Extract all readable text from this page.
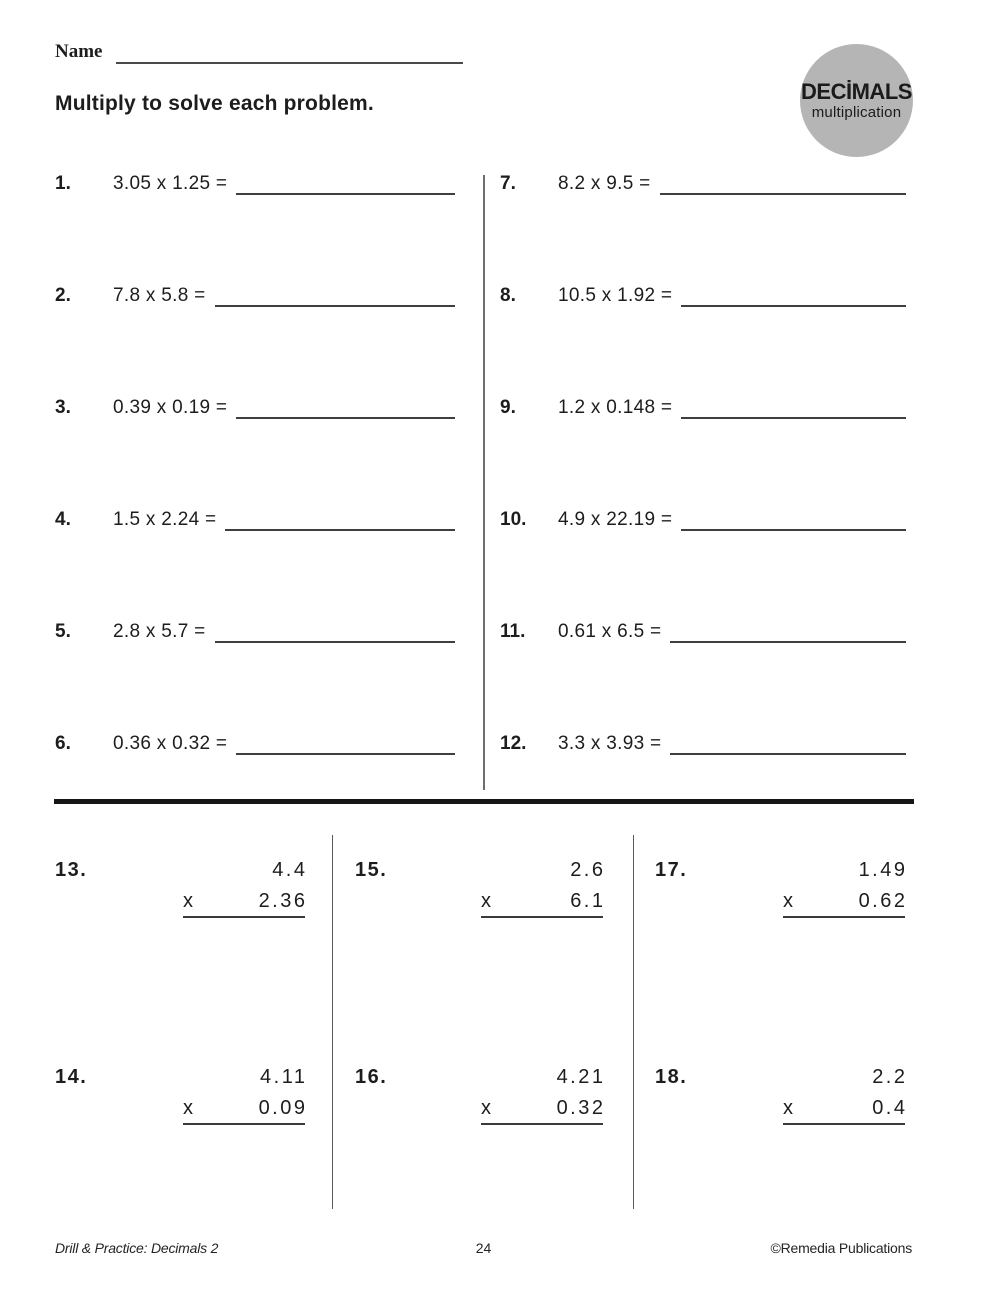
Name
Multiply to solve each problem.	DECİMALS
multiplication
1.	3.05 x 1.25 =
2.	7.8 x 5.8 =
3.	0.39 x 0.19 =
4.	1.5 x 2.24 =
5.	2.8 x 5.7 =
6.	0.36 x 0.32 =
7.	8.2 x 9.5 =
8.	10.5 x 1.92 =
9.	1.2 x 0.148 =
10.	4.9 x 22.19 =
11.	0.61 x 6.5 =
12.	3.3 x 3.93 =
13.	4.4
x	2.36
14.	4.11
x	0.09
15.	2.6
x	6.1
16.	4.21
x	0.32
17.	1.49
x	0.62
18.	2.2
x	0.4
Drill & Practice: Decimals 2	24	©Remedia Publications
